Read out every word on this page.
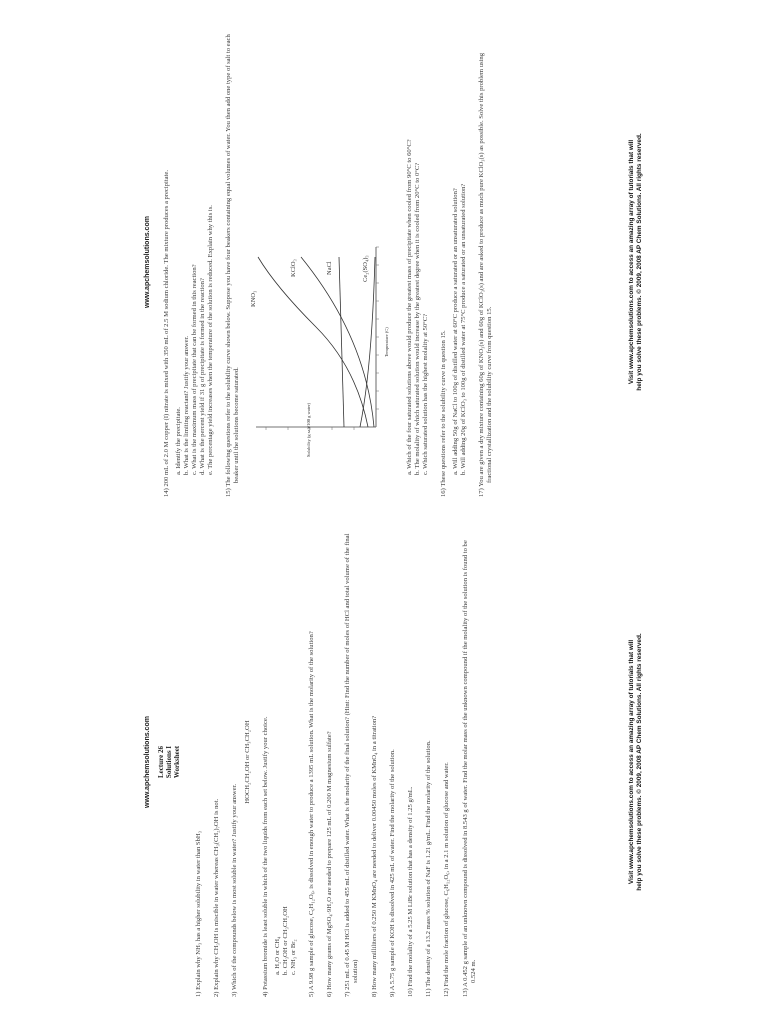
www.apchemsolutions.com Lecture 26 Solutions I Worksheet

1) Explain why NH₃ has a higher solubility in water than SbH₃ 2) Explain why CH₃OH is miscible in water whereas CH₃(CH₂)₇OH is not. 3) Which of the compounds below is most soluble in water? Justify your answer.

HOCH₂CH₂OH or CH₃CH₂OH 4) Potassium bromide is least soluble in which of the two liquids from each set below. Justify your choice. a. H₂O or CH₄ b. CH₃OH or CH₃CH₂OH c. NH₃ or Br₂ 5) A 9.98 g sample of glucose, C₆H₁₂O₆, is dissolved in enough water to produce a 1395 mL solution. What is the molarity of the solution? 6) How many grams of MgSO₄·9H₂O are needed to prepare 125 mL of 0.200 M magnesium sulfate? 7) 251 mL of 0.45 M HCl is added to 455 mL of distilled water. What is the molarity of the final solution? (Hint: Find the number of moles of HCl and total volume of the final solution) 8) How many milliliters of 0.250 M KMnO₄ are needed to deliver 0.00450 moles of KMnO₄ in a titration? 9) A 5.75 g sample of KOH is dissolved in 425 mL of water. Find the molarity of the solution. 10) Find the molality of a 5.25 M LiBr solution that has a density of 1.25 g/mL. 11) The density of a 13.2 mass % solution of NaF is 1.21 g/mL. Find the molarity of the solution. 12) Find the mole fraction of glucose, C₆H₁₂O₆, in a 2.1 m solution of glucose and water. 13) A 0.452 g sample of an unknown compound is dissolved in 8.543 g of water. Find the molar mass of the unknown compound if the molality of the solution is found to be 0.524 m.

Visit www.apchemsolutions.com to access an amazing array of tutorials that will help you solve these problems. © 2009, 2008 AP Chem Solutions. All rights reserved.

www.apchemsolutions.com 14) 200 mL of 2.0 M copper (I) nitrate is mixed with 350 mL of 2.5 M sodium chloride. The mixture produces a precipitate. a. Identify the precipitate. b. What is the limiting reactant? Justify your answer. c. What is the maximum mass of precipitate that can be formed in this reaction? d. What is the percent yield if 31 g of precipitate is formed in the reaction? e. The percentage yield increases when the temperature of the solution is reduced. Explain why this is. 15) The following questions refer to the solubility curve shown below. Suppose you have four beakers containing equal volumes of water. You then add one type of salt to each beaker until the solutions become saturated.

KNO₃
KClO₃	NaCl	Ce₂(SO₄)₃
Solubility (g salt/100 g water)
Temperature (C)	a. Which of the four saturated solutions above would produce the greatest mass of precipitate when cooled from 90°C to 60°C? b. The molality of which saturated solution would increase by the greatest degree when it is cooled from 20°C to 0°C? c. Which saturated solution has the highest molality at 50°C? 16) These questions refer to the solubility curve in question 15. a. Will adding 50g of NaCl to 100g of distilled water at 60°C produce a saturated or an unsaturated solution? b. Will adding 20g of KClO₃ to 100g of distilled water at 75°C produce a saturated or an unsaturated solution? 17) You are given a dry mixture containing 60g of KNO₃(s) and 60g of KClO₃(s) and are asked to produce as much pure KClO₃(s) as possible. Solve this problem using fractional crystallization and the solubility curve from question 15.

Visit www.apchemsolutions.com to access an amazing array of tutorials that will help you solve these problems. © 2009, 2008 AP Chem Solutions. All rights reserved.
